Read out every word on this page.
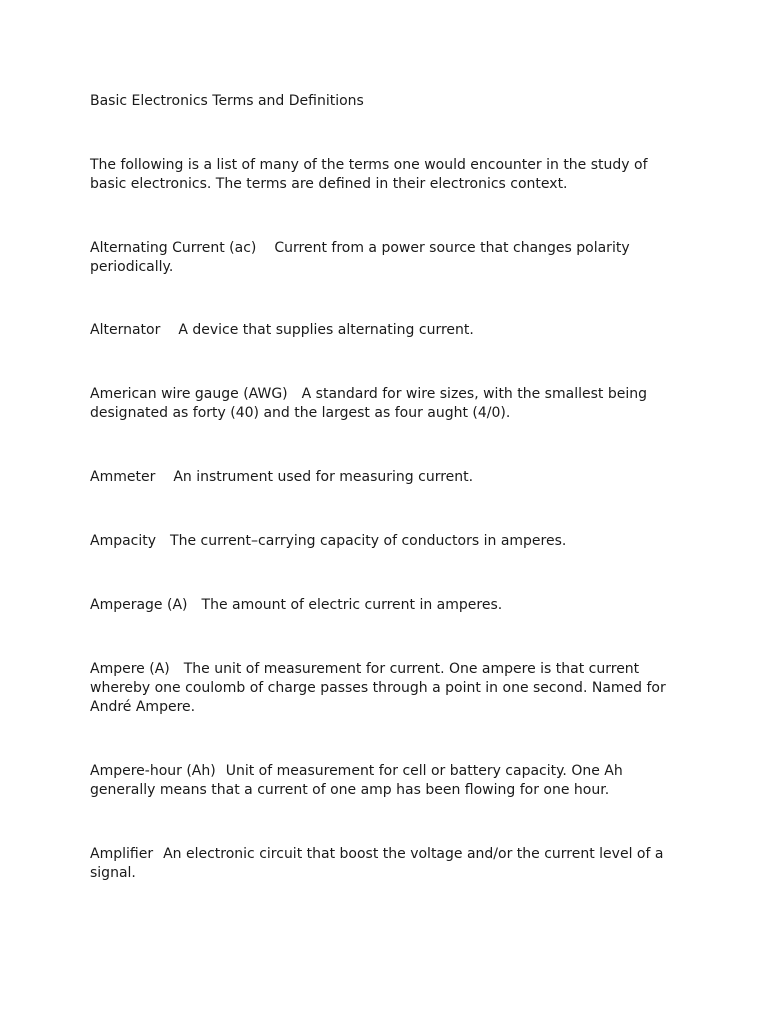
Basic Electronics Terms and Definitions
The following is a list of many of the terms one would encounter in the study of
basic electronics. The terms are defined in their electronics context.
Alternating Current (ac) Current from a power source that changes polarity
periodically.
Alternator A device that supplies alternating current.
American wire gauge (AWG) A standard for wire sizes, with the smallest being
designated as forty (40) and the largest as four aught (4/0).
Ammeter An instrument used for measuring current.
Ampacity The current–carrying capacity of conductors in amperes.
Amperage (A) The amount of electric current in amperes.
Ampere (A) The unit of measurement for current. One ampere is that current
whereby one coulomb of charge passes through a point in one second. Named for
André Ampere.
Ampere-hour (Ah) Unit of measurement for cell or battery capacity. One Ah
generally means that a current of one amp has been flowing for one hour.
Amplifier An electronic circuit that boost the voltage and/or the current level of a
signal.
